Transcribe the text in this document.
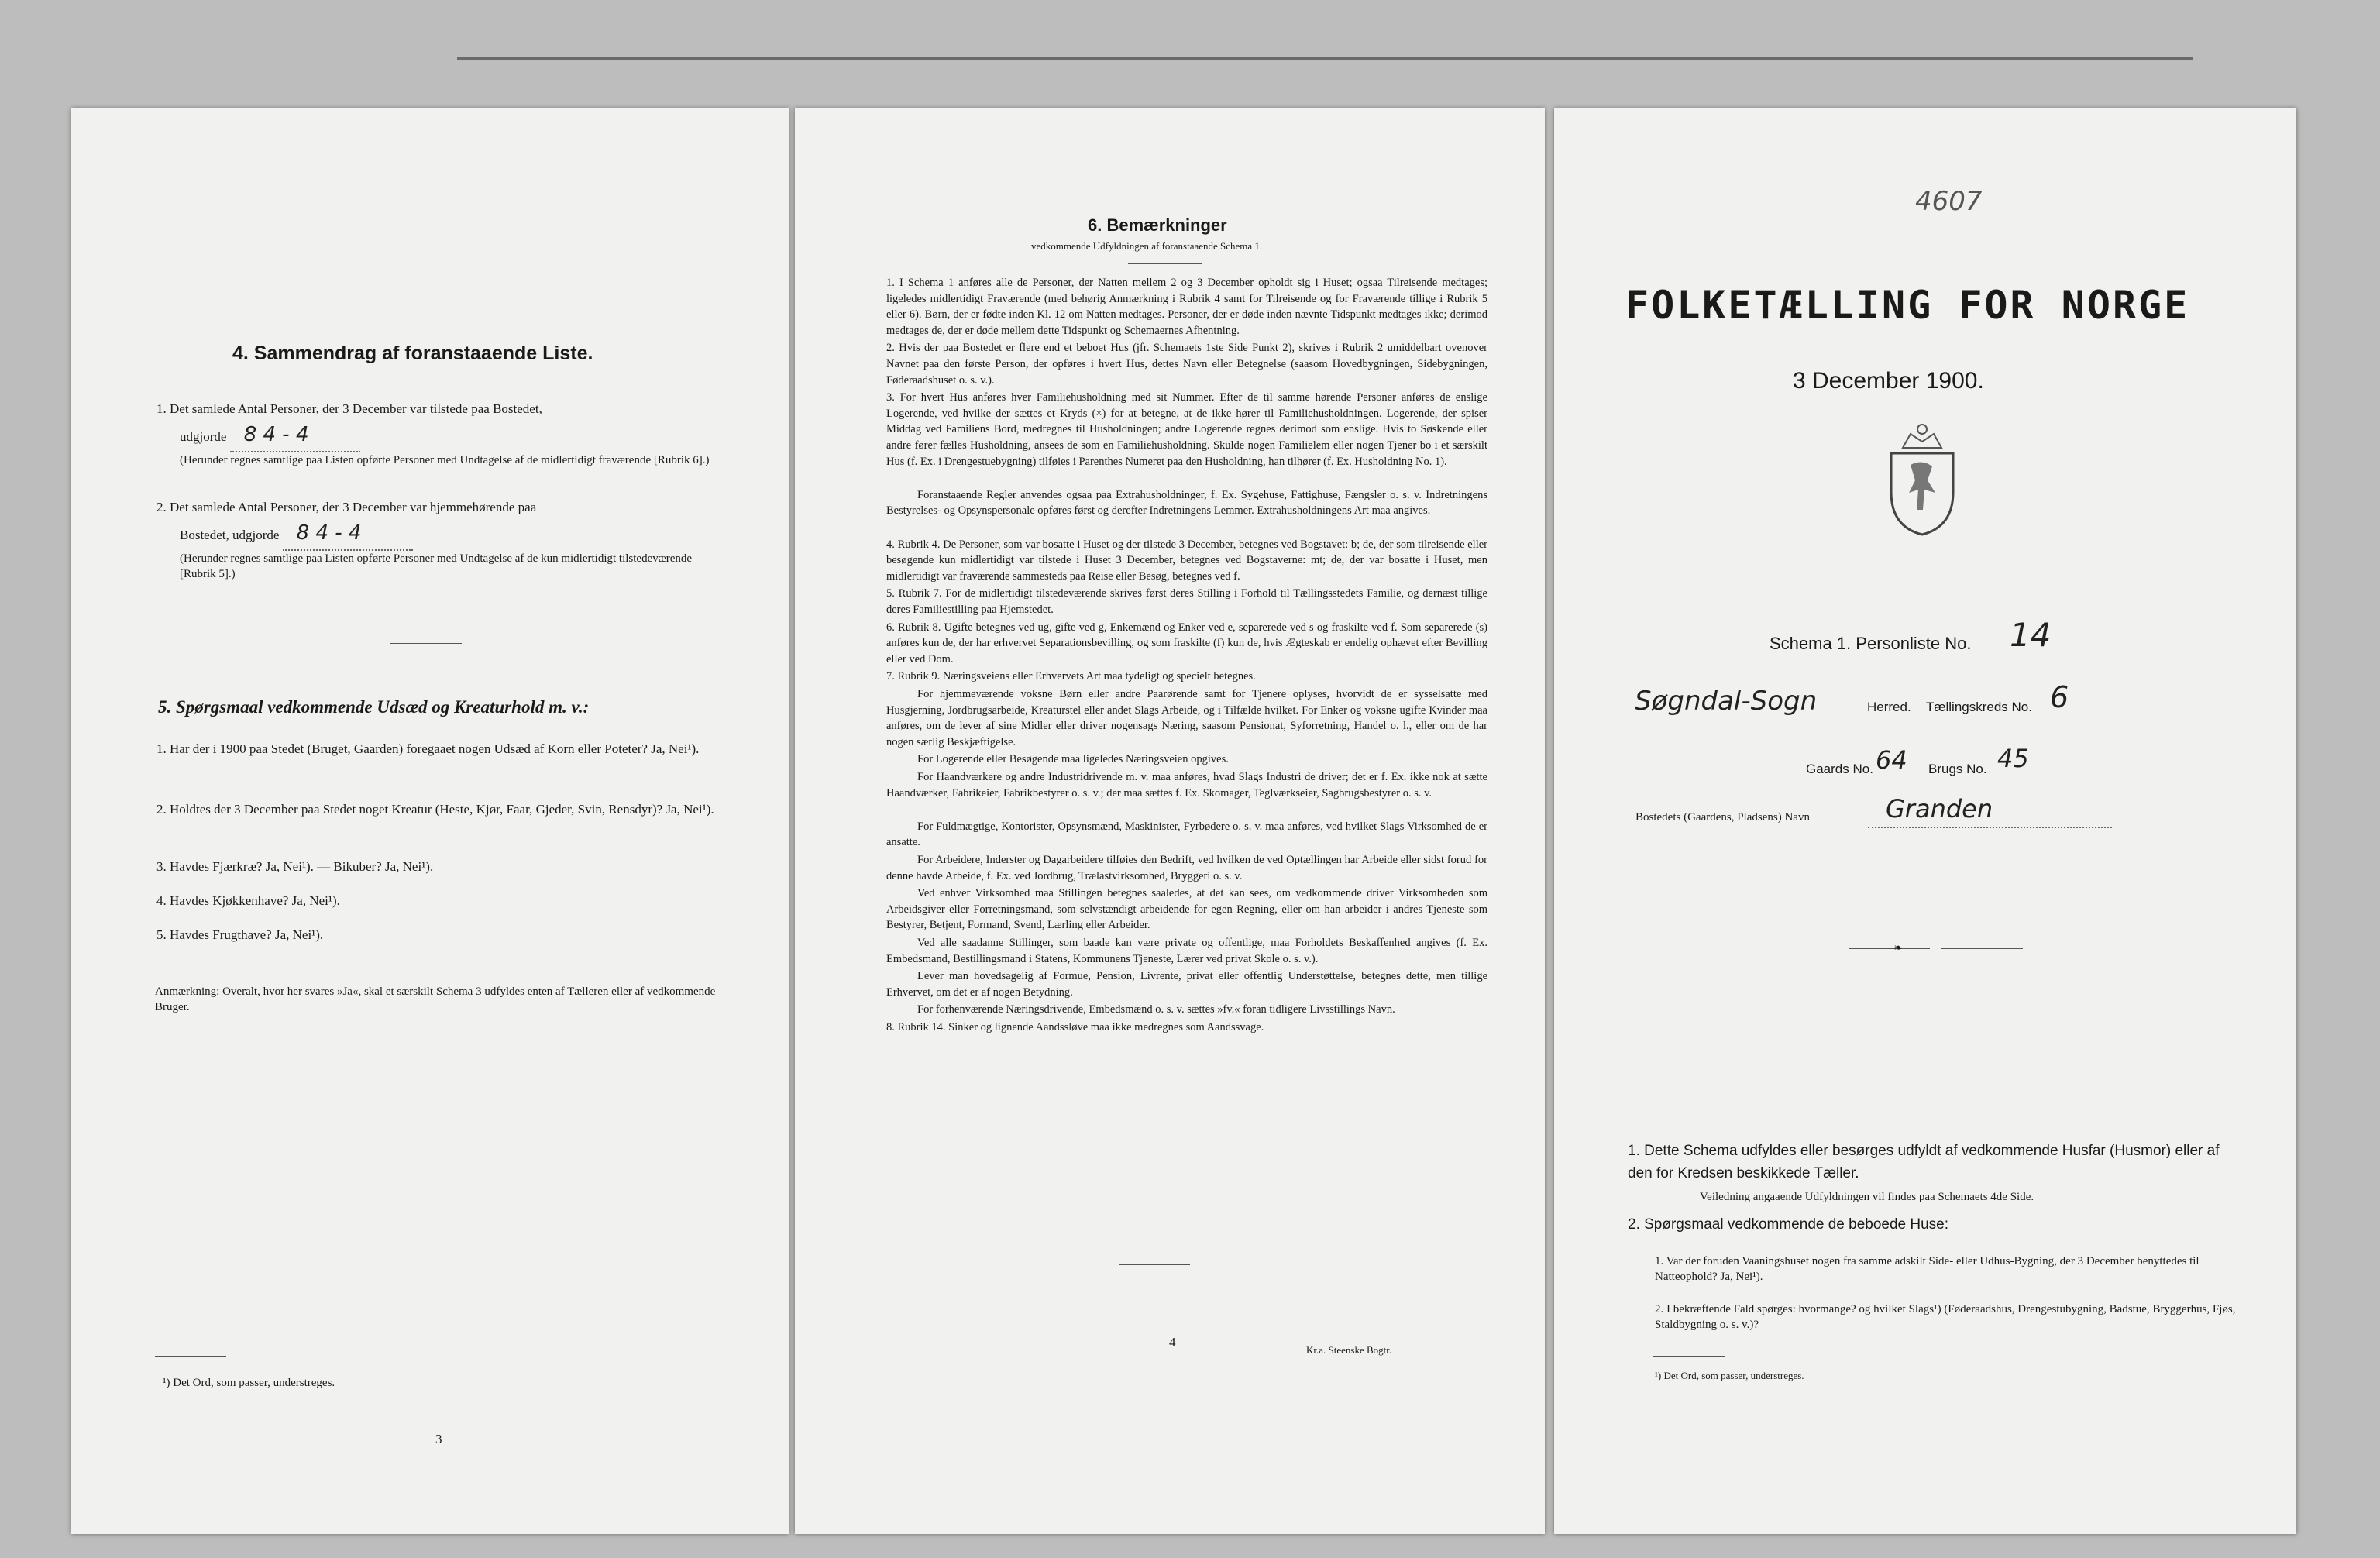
4. Sammendrag af foranstaaende Liste.
1. Det samlede Antal Personer, der 3 December var tilstede paa Bostedet,
udgjorde 8 4 - 4
(Herunder regnes samtlige paa Listen opførte Personer med Undtagelse af de midlertidigt fraværende [Rubrik 6].)
2. Det samlede Antal Personer, der 3 December var hjemmehørende paa
Bostedet, udgjorde 8 4 - 4
(Herunder regnes samtlige paa Listen opførte Personer med Undtagelse af de kun midlertidigt tilstedeværende [Rubrik 5].)
5. Spørgsmaal vedkommende Udsæd og Kreaturhold m. v.:
1. Har der i 1900 paa Stedet (Bruget, Gaarden) foregaaet nogen Udsæd af Korn eller Poteter? Ja, Nei¹).
2. Holdtes der 3 December paa Stedet noget Kreatur (Heste, Kjør, Faar, Gjeder, Svin, Rensdyr)? Ja, Nei¹).
3. Havdes Fjærkræ? Ja, Nei¹). — Bikuber? Ja, Nei¹).
4. Havdes Kjøkkenhave? Ja, Nei¹).
5. Havdes Frugthave? Ja, Nei¹).
Anmærkning: Overalt, hvor her svares »Ja«, skal et særskilt Schema 3 udfyldes enten af Tælleren eller af vedkommende Bruger.
¹) Det Ord, som passer, understreges.
3
6. Bemærkninger
vedkommende Udfyldningen af foranstaaende Schema 1.
1. I Schema 1 anføres alle de Personer, der Natten mellem 2 og 3 December opholdt sig i Huset; ogsaa Tilreisende medtages; ligeledes midlertidigt Fraværende (med behørig Anmærkning i Rubrik 4 samt for Tilreisende og for Fraværende tillige i Rubrik 5 eller 6). Børn, der er fødte inden Kl. 12 om Natten medtages. Personer, der er døde inden nævnte Tidspunkt medtages ikke; derimod medtages de, der er døde mellem dette Tidspunkt og Schemaernes Afhentning.
2. Hvis der paa Bostedet er flere end et beboet Hus (jfr. Schemaets 1ste Side Punkt 2), skrives i Rubrik 2 umiddelbart ovenover Navnet paa den første Person, der opføres i hvert Hus, dettes Navn eller Betegnelse (saasom Hovedbygningen, Sidebygningen, Føderaadshuset o. s. v.).
3. For hvert Hus anføres hver Familiehusholdning med sit Nummer. Efter de til samme hørende Personer anføres de enslige Logerende, ved hvilke der sættes et Kryds (×) for at betegne, at de ikke hører til Familiehusholdningen. Logerende, der spiser Middag ved Familiens Bord, medregnes til Husholdningen; andre Logerende regnes derimod som enslige. Hvis to Søskende eller andre fører fælles Husholdning, ansees de som en Familiehusholdning. Skulde nogen Familielem eller nogen Tjener bo i et særskilt Hus (f. Ex. i Drengestuebygning) tilføies i Parenthes Numeret paa den Husholdning, han tilhører (f. Ex. Husholdning No. 1).
Foranstaaende Regler anvendes ogsaa paa Extrahusholdninger, f. Ex. Sygehuse, Fattighuse, Fængsler o. s. v. Indretningens Bestyrelses- og Opsynspersonale opføres først og derefter Indretningens Lemmer. Extrahusholdningens Art maa angives.
4. Rubrik 4. De Personer, som var bosatte i Huset og der tilstede 3 December, betegnes ved Bogstavet: b; de, der som tilreisende eller besøgende kun midlertidigt var tilstede i Huset 3 December, betegnes ved Bogstaverne: mt; de, der var bosatte i Huset, men midlertidigt var fraværende sammesteds paa Reise eller Besøg, betegnes ved f.
5. Rubrik 7. For de midlertidigt tilstedeværende skrives først deres Stilling i Forhold til Tællingsstedets Familie, og dernæst tillige deres Familiestilling paa Hjemstedet.
6. Rubrik 8. Ugifte betegnes ved ug, gifte ved g, Enkemænd og Enker ved e, separerede ved s og fraskilte ved f. Som separerede (s) anføres kun de, der har erhvervet Separationsbevilling, og som fraskilte (f) kun de, hvis Ægteskab er endelig ophævet efter Bevilling eller ved Dom.
7. Rubrik 9. Næringsveiens eller Erhvervets Art maa tydeligt og specielt betegnes.
For hjemmeværende voksne Børn eller andre Paarørende samt for Tjenere oplyses, hvorvidt de er sysselsatte med Husgjerning, Jordbrugsarbeide, Kreaturstel eller andet Slags Arbeide, og i Tilfælde hvilket. For Enker og voksne ugifte Kvinder maa anføres, om de lever af sine Midler eller driver nogensags Næring, saasom Pensionat, Syforretning, Handel o. l., eller om de har nogen særlig Beskjæftigelse.
For Logerende eller Besøgende maa ligeledes Næringsveien opgives.
For Haandværkere og andre Industridrivende m. v. maa anføres, hvad Slags Industri de driver; det er f. Ex. ikke nok at sætte Haandværker, Fabrikeier, Fabrikbestyrer o. s. v.; der maa sættes f. Ex. Skomager, Teglværkseier, Sagbrugsbestyrer o. s. v.
For Fuldmægtige, Kontorister, Opsynsmænd, Maskinister, Fyrbødere o. s. v. maa anføres, ved hvilket Slags Virksomhed de er ansatte.
For Arbeidere, Inderster og Dagarbeidere tilføies den Bedrift, ved hvilken de ved Optællingen har Arbeide eller sidst forud for denne havde Arbeide, f. Ex. ved Jordbrug, Trælastvirksomhed, Bryggeri o. s. v.
Ved enhver Virksomhed maa Stillingen betegnes saaledes, at det kan sees, om vedkommende driver Virksomheden som Arbeidsgiver eller Forretningsmand, som selvstændigt arbeidende for egen Regning, eller om han arbeider i andres Tjeneste som Bestyrer, Betjent, Formand, Svend, Lærling eller Arbeider.
Ved alle saadanne Stillinger, som baade kan være private og offentlige, maa Forholdets Beskaffenhed angives (f. Ex. Embedsmand, Bestillingsmand i Statens, Kommunens Tjeneste, Lærer ved privat Skole o. s. v.).
Lever man hovedsagelig af Formue, Pension, Livrente, privat eller offentlig Understøttelse, betegnes dette, men tillige Erhvervet, om det er af nogen Betydning.
For forhenværende Næringsdrivende, Embedsmænd o. s. v. sættes »fv.« foran tidligere Livsstillings Navn.
8. Rubrik 14. Sinker og lignende Aandssløve maa ikke medregnes som Aandssvage.
4
Kr.a. Steenske Bogtr.
4607
FOLKETÆLLING FOR NORGE
3 December 1900.
Schema 1. Personliste No. 14
Søgndal-Sogn	Herred. Tællingskreds No. 6
Gaards No. 64 Brugs No. 45
Bostedets (Gaardens, Pladsens) Navn	Granden
❧
1. Dette Schema udfyldes eller besørges udfyldt af vedkommende Husfar (Husmor) eller af den for Kredsen beskikkede Tæller.
Veiledning angaaende Udfyldningen vil findes paa Schemaets 4de Side.
2. Spørgsmaal vedkommende de beboede Huse:
1. Var der foruden Vaaningshuset nogen fra samme adskilt Side- eller Udhus-Bygning, der 3 December benyttedes til Natteophold? Ja, Nei¹).
2. I bekræftende Fald spørges: hvormange? og hvilket Slags¹) (Føderaadshus, Drengestubygning, Badstue, Bryggerhus, Fjøs, Staldbygning o. s. v.)?
¹) Det Ord, som passer, understreges.
